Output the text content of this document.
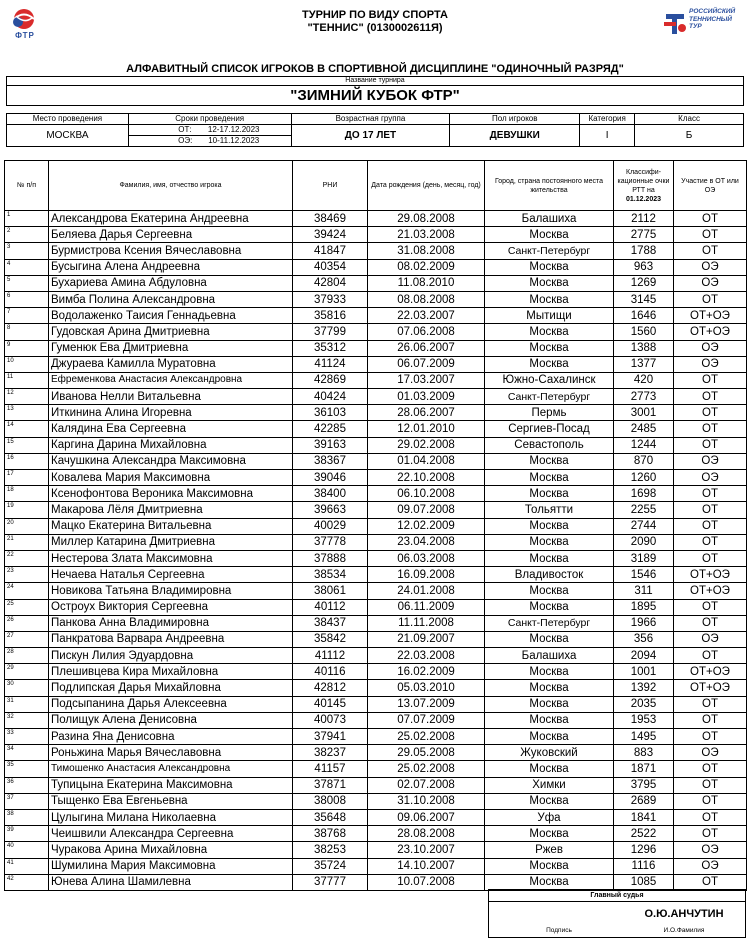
ФТР
ТУРНИР ПО ВИДУ СПОРТА
"ТЕННИС" (0130002611Я)
РОССИЙСКИЙ
ТЕННИСНЫЙ
ТУР
АЛФАВИТНЫЙ СПИСОК ИГРОКОВ В СПОРТИВНОЙ ДИСЦИПЛИНЕ "ОДИНОЧНЫЙ РАЗРЯД"
Название турнира
"ЗИМНИЙ КУБОК ФТР"
Место проведения	Сроки проведения	Возрастная группа	Пол игроков	Категория	Класс
МОСКВА	ОТ: 12-17.12.2023	ДО 17 ЛЕТ	ДЕВУШКИ	I	Б
	ОЭ: 10-11.12.2023				
№ п/п	Фамилия, имя, отчество игрока	РНИ	Дата рождения (день, месяц, год)	Город, страна постоянного места жительства	Классифи-кационные очки РТТ на
01.12.2023	Участие в ОТ или ОЭ
1	Александрова Екатерина Андреевна	38469	29.08.2008	Балашиха	2112	ОТ
2	Беляева Дарья Сергеевна	39424	21.03.2008	Москва	2775	ОТ
3	Бурмистрова Ксения Вячеславовна	41847	31.08.2008	Санкт-Петербург	1788	ОТ
4	Бусыгина Алена Андреевна	40354	08.02.2009	Москва	963	ОЭ
5	Бухариева Амина Абдуловна	42804	11.08.2010	Москва	1269	ОЭ
6	Вимба Полина Александровна	37933	08.08.2008	Москва	3145	ОТ
7	Водолаженко Таисия Геннадьевна	35816	22.03.2007	Мытищи	1646	ОТ+ОЭ
8	Гудовская Арина Дмитриевна	37799	07.06.2008	Москва	1560	ОТ+ОЭ
9	Гуменюк Ева Дмитриевна	35312	26.06.2007	Москва	1388	ОЭ
10	Джураева Камилла Муратовна	41124	06.07.2009	Москва	1377	ОЭ
11	Ефременкова Анастасия Александровна	42869	17.03.2007	Южно-Сахалинск	420	ОТ
12	Иванова Нелли Витальевна	40424	01.03.2009	Санкт-Петербург	2773	ОТ
13	Иткинина Алина Игоревна	36103	28.06.2007	Пермь	3001	ОТ
14	Калядина Ева Сергеевна	42285	12.01.2010	Сергиев-Посад	2485	ОТ
15	Каргина Дарина Михайловна	39163	29.02.2008	Севастополь	1244	ОТ
16	Качушкина Александра Максимовна	38367	01.04.2008	Москва	870	ОЭ
17	Ковалева Мария Максимовна	39046	22.10.2008	Москва	1260	ОЭ
18	Ксенофонтова Вероника Максимовна	38400	06.10.2008	Москва	1698	ОТ
19	Макарова Лёля Дмитриевна	39663	09.07.2008	Тольятти	2255	ОТ
20	Мацко Екатерина Витальевна	40029	12.02.2009	Москва	2744	ОТ
21	Миллер Катарина Дмитриевна	37778	23.04.2008	Москва	2090	ОТ
22	Нестерова Злата Максимовна	37888	06.03.2008	Москва	3189	ОТ
23	Нечаева Наталья Сергеевна	38534	16.09.2008	Владивосток	1546	ОТ+ОЭ
24	Новикова Татьяна Владимировна	38061	24.01.2008	Москва	311	ОТ+ОЭ
25	Остроух Виктория Сергеевна	40112	06.11.2009	Москва	1895	ОТ
26	Панкова Анна Владимировна	38437	11.11.2008	Санкт-Петербург	1966	ОТ
27	Панкратова Варвара Андреевна	35842	21.09.2007	Москва	356	ОЭ
28	Пискун Лилия Эдуардовна	41112	22.03.2008	Балашиха	2094	ОТ
29	Плешивцева Кира Михайловна	40116	16.02.2009	Москва	1001	ОТ+ОЭ
30	Подлипская Дарья Михайловна	42812	05.03.2010	Москва	1392	ОТ+ОЭ
31	Подсыпанина Дарья Алексеевна	40145	13.07.2009	Москва	2035	ОТ
32	Полищук Алена Денисовна	40073	07.07.2009	Москва	1953	ОТ
33	Разина Яна Денисовна	37941	25.02.2008	Москва	1495	ОТ
34	Роньжина Марья Вячеславовна	38237	29.05.2008	Жуковский	883	ОЭ
35	Тимошенко Анастасия Александровна	41157	25.02.2008	Москва	1871	ОТ
36	Тупицына Екатерина Максимовна	37871	02.07.2008	Химки	3795	ОТ
37	Тыщенко Ева Евгеньевна	38008	31.10.2008	Москва	2689	ОТ
38	Цулыгина Милана Николаевна	35648	09.06.2007	Уфа	1841	ОТ
39	Чеишвили Александра Сергеевна	38768	28.08.2008	Москва	2522	ОТ
40	Чуракова Арина Михайловна	38253	23.10.2007	Ржев	1296	ОЭ
41	Шумилина Мария Максимовна	35724	14.10.2007	Москва	1116	ОЭ
42	Юнева Алина Шамилевна	37777	10.07.2008	Москва	1085	ОТ
Главный судья

О.Ю.АНЧУТИН
Подпись	И.О.Фамилия
